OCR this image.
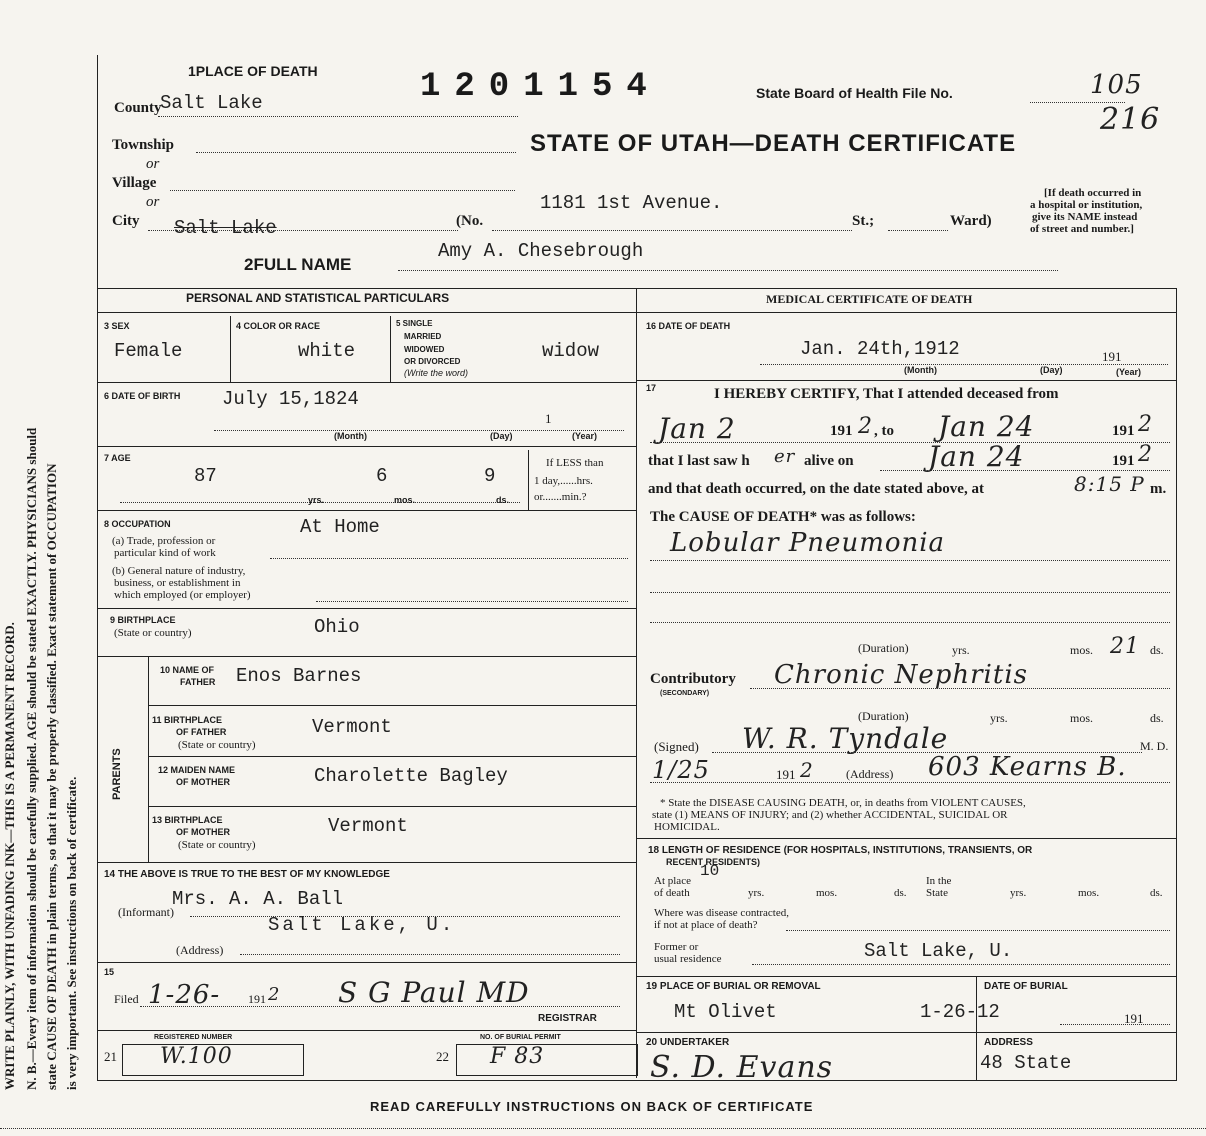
WRITE PLAINLY, WITH UNFADING INK—THIS IS A PERMANENT RECORD. N. B.—Every item of information should be carefully supplied. AGE should be stated EXACTLY. PHYSICIANS should state CAUSE OF DEATH in plain terms, so that it may be properly classified. Exact statement of OCCUPATION is very important. See instructions on back of certificate.
1PLACE OF DEATH	1201154	State Board of Health File No.	105
216
County
Salt Lake
STATE OF UTAH—DEATH CERTIFICATE
Township
or
Village
or
City Salt Lake	(No.
1181 1st Avenue.
St.;	Ward)
[If death occurred in
a hospital or institution,
give its NAME instead
of street and number.]
2FULL NAME
Amy A. Chesebrough
PERSONAL AND STATISTICAL PARTICULARS
3 SEX
Female
4 COLOR OR RACE
white
5 SINGLE
MARRIED
WIDOWED
OR DIVORCED
(Write the word)
widow
6 DATE OF BIRTH July 15,1824
1
(Month)	(Day)	(Year)
7 AGE
87	6	9
yrs.	mos.	ds.
If LESS than
1 day,......hrs.
or.......min.?
8 OCCUPATION	At Home
(a) Trade, profession or
particular kind of work
(b) General nature of industry,
business, or establishment in
which employed (or employer)
9 BIRTHPLACE
(State or country)	Ohio
PARENTS
10 NAME OF
FATHER Enos Barnes
11 BIRTHPLACE
OF FATHER
(State or country)
Vermont
12 MAIDEN NAME
OF MOTHER	Charolette Bagley
13 BIRTHPLACE
OF MOTHER
(State or country)
Vermont
14 THE ABOVE IS TRUE TO THE BEST OF MY KNOWLEDGE
Mrs. A. A. Ball
(Informant)
Salt Lake, U.
(Address)
15
Filed 1-26- 191 2 S G Paul MD
REGISTRAR
REGISTERED NUMBER
21 W.100	22
NO. OF BURIAL PERMIT
F 83
MEDICAL CERTIFICATE OF DEATH
16 DATE OF DEATH
Jan. 24th,1912	191
(Month)	(Day)	(Year)
17	I HEREBY CERTIFY, That I attended deceased from
Jan 2	191 2 , to Jan 24	191 2
that I last saw h er alive on	Jan 24	191 2
and that death occurred, on the date stated above, at	8:15 P m.
The CAUSE OF DEATH* was as follows:
Lobular Pneumonia
(Duration)	yrs.	mos. 21 ds.
Contributory
(SECONDARY)
Chronic Nephritis
(Duration)	yrs.	mos.	ds.
(Signed) W. R. Tyndale	M. D.
1/25	191 2	(Address) 603 Kearns B.
* State the DISEASE CAUSING DEATH, or, in deaths from VIOLENT CAUSES,
state (1) MEANS OF INJURY; and (2) whether ACCIDENTAL, SUICIDAL OR
HOMICIDAL.
18 LENGTH OF RESIDENCE (FOR HOSPITALS, INSTITUTIONS, TRANSIENTS, OR
RECENT RESIDENTS)
At place
10
of death	yrs.	mos.	ds.
In the
State	yrs.	mos.	ds.
Where was disease contracted,
if not at place of death?
Former or
usual residence	Salt Lake, U.
19 PLACE OF BURIAL OR REMOVAL
Mt Olivet
DATE OF BURIAL
1-26-12	191
20 UNDERTAKER
S. D. Evans
ADDRESS
48 State
READ CAREFULLY INSTRUCTIONS ON BACK OF CERTIFICATE
